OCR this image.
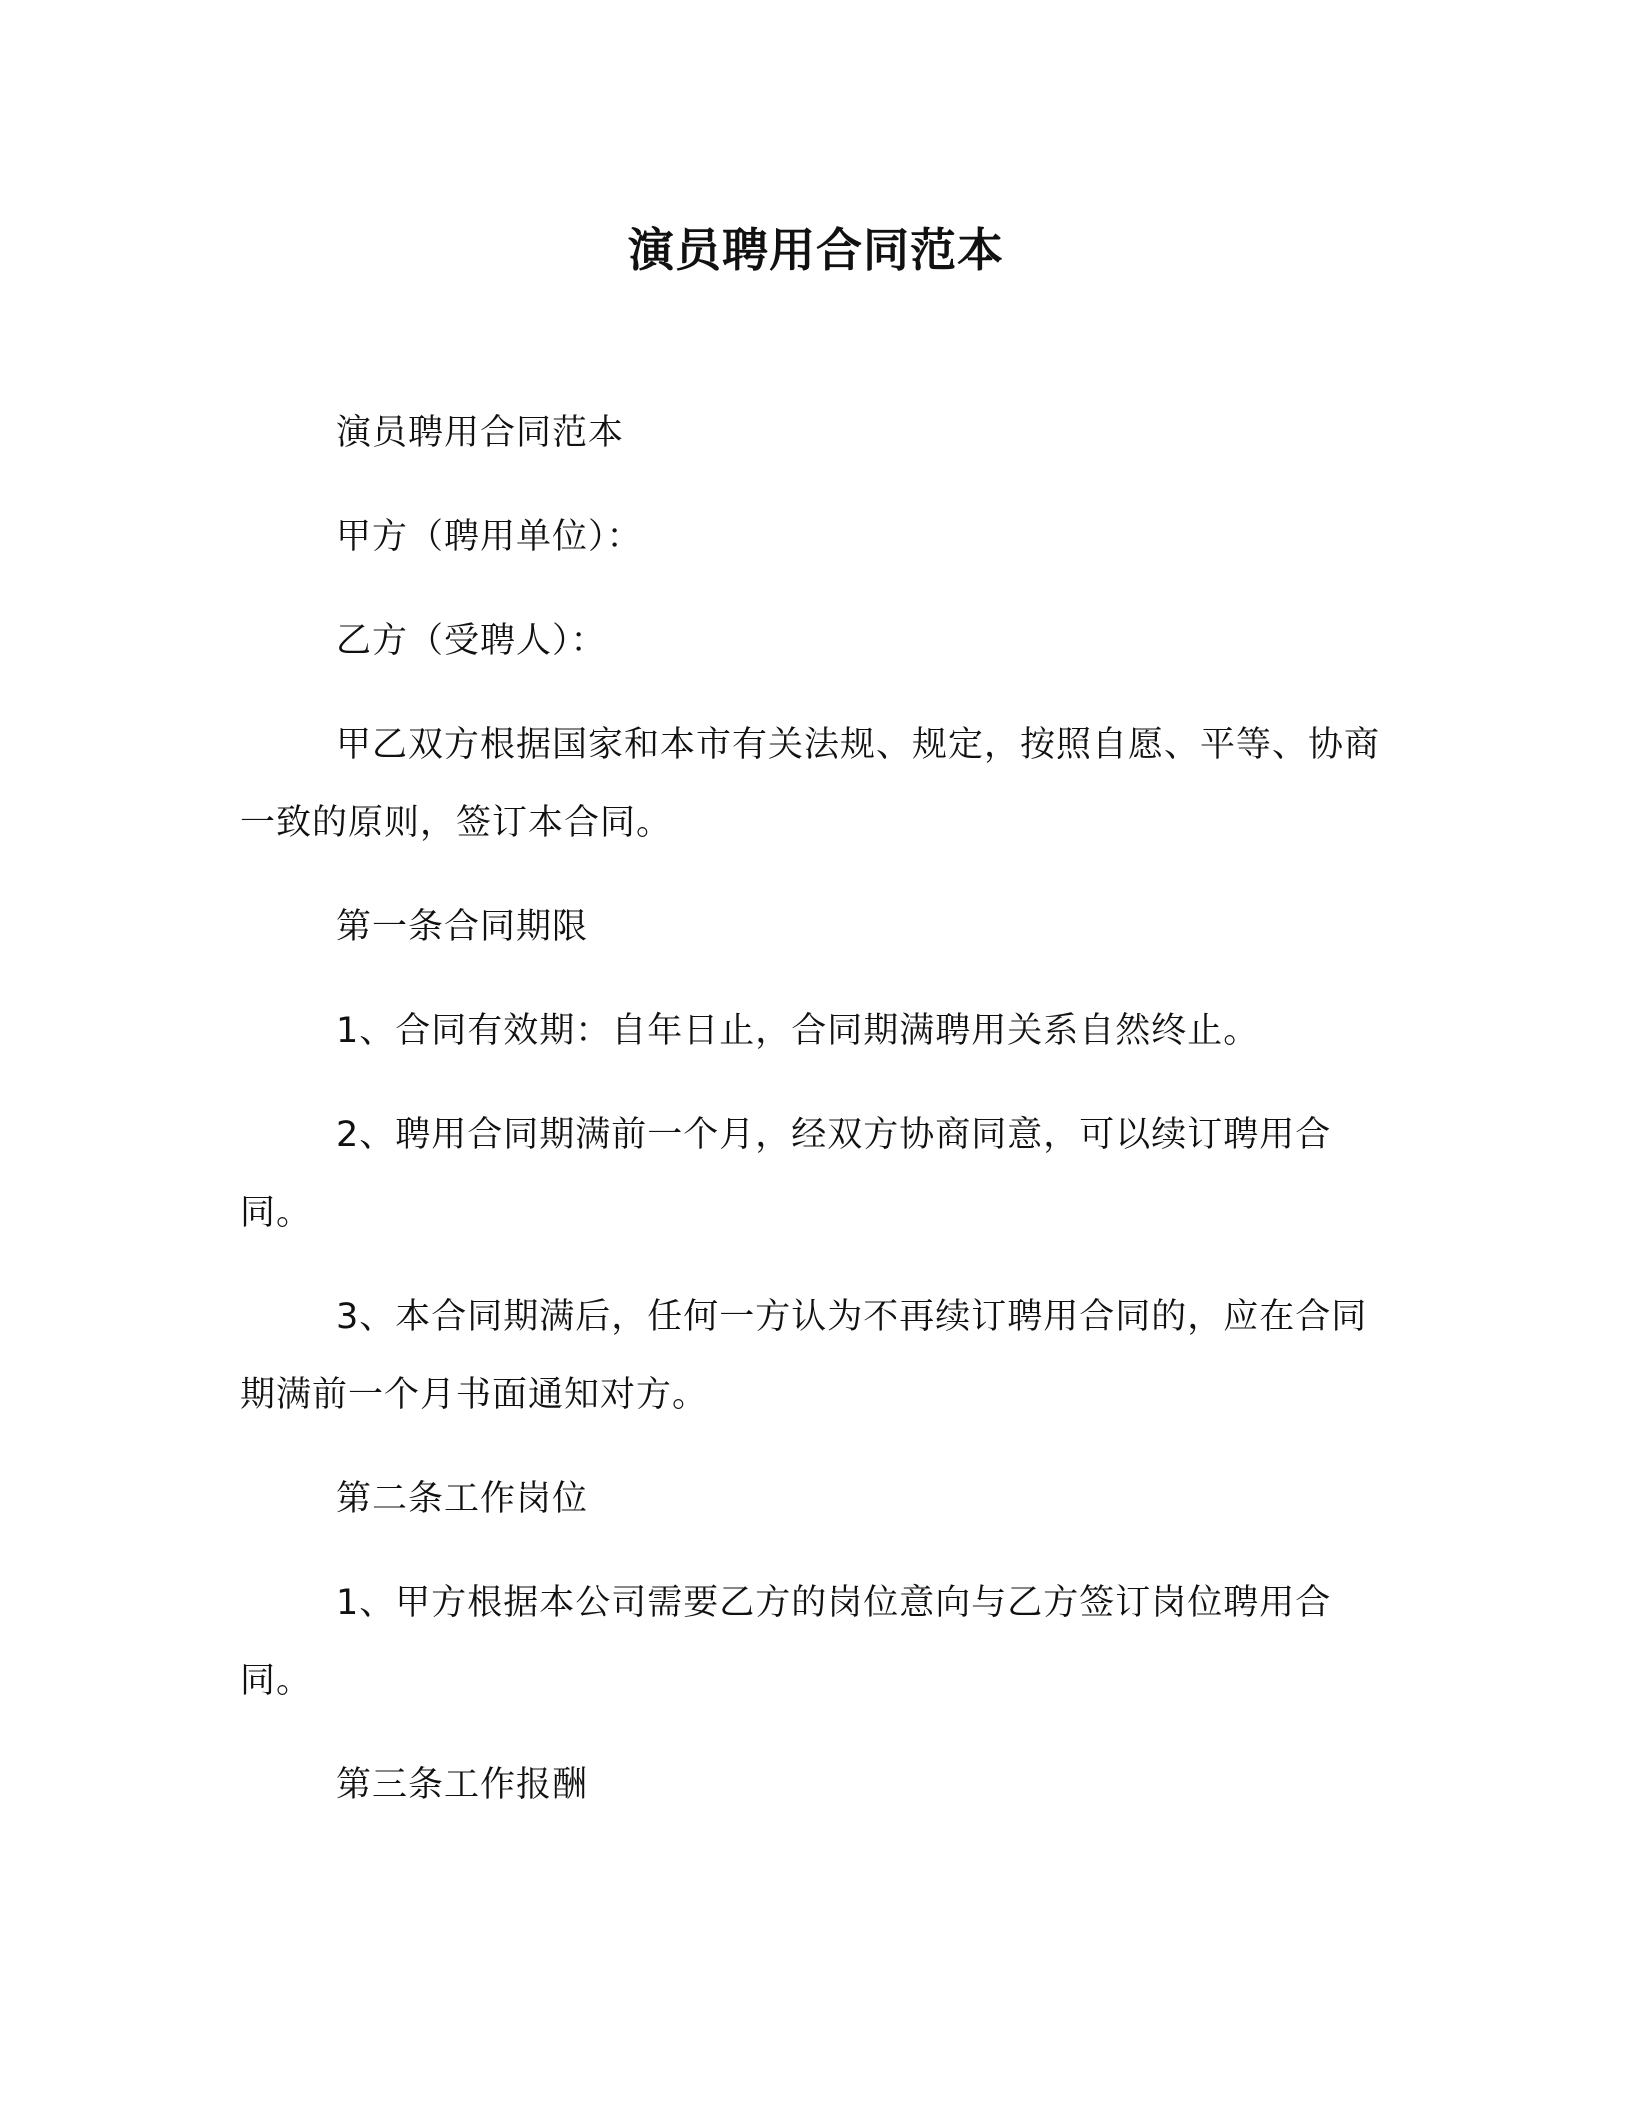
演员聘用合同范本

演员聘用合同范本

甲方（聘用单位）：

乙方（受聘人）：

甲乙双方根据国家和本市有关法规、规定，按照自愿、平等、协商一致的原则，签订本合同。

第一条合同期限

1、合同有效期：自年日止，合同期满聘用关系自然终止。

2、聘用合同期满前一个月，经双方协商同意，可以续订聘用合同。

3、本合同期满后，任何一方认为不再续订聘用合同的，应在合同期满前一个月书面通知对方。

第二条工作岗位

1、甲方根据本公司需要乙方的岗位意向与乙方签订岗位聘用合同。

第三条工作报酬
